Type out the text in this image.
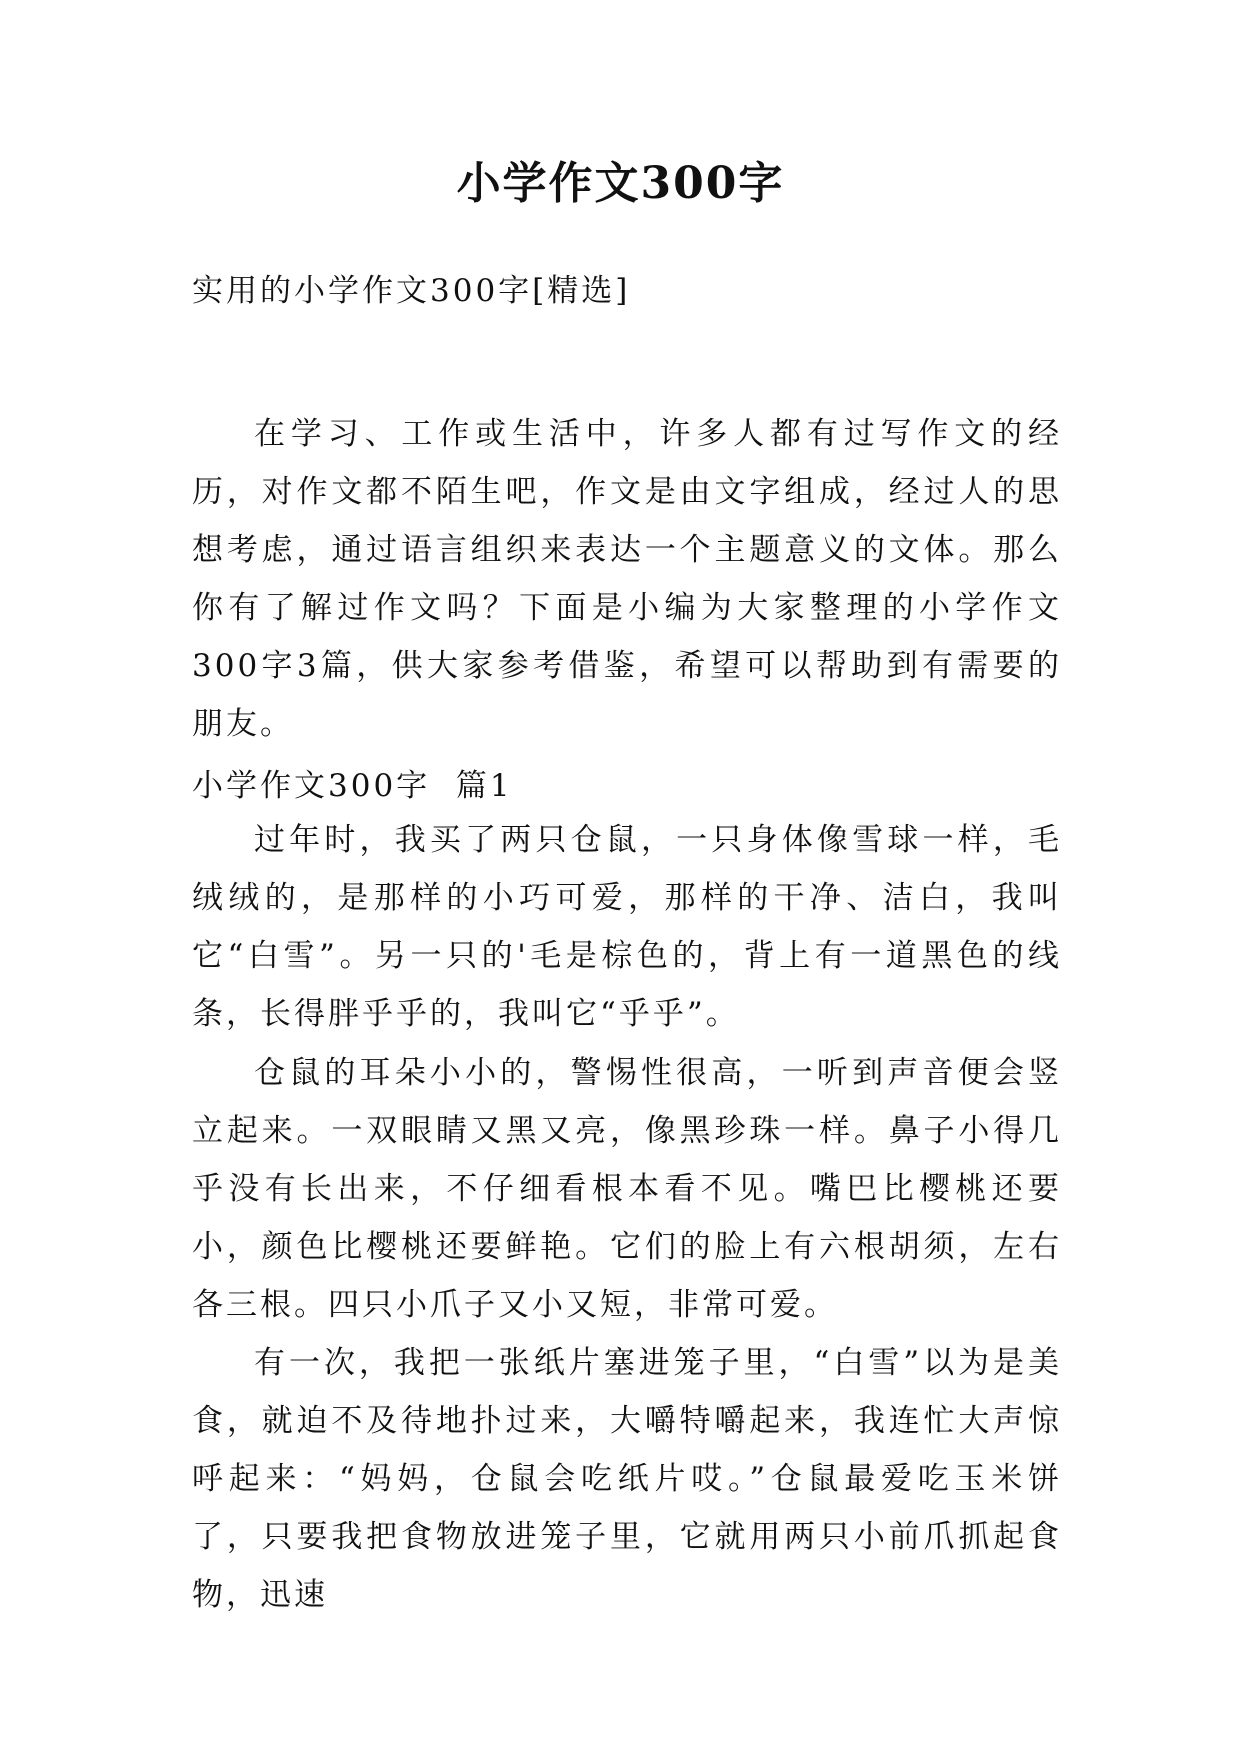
小学作文300字
实用的小学作文300字[精选]

在学习、工作或生活中，许多人都有过写作文的经历，对作文都不陌生吧，作文是由文字组成，经过人的思想考虑，通过语言组织来表达一个主题意义的文体。那么你有了解过作文吗？下面是小编为大家整理的小学作文300字3篇，供大家参考借鉴，希望可以帮助到有需要的朋友。

小学作文300字  篇1

过年时，我买了两只仓鼠，一只身体像雪球一样，毛绒绒的，是那样的小巧可爱，那样的干净、洁白，我叫它“白雪”。另一只的'毛是棕色的，背上有一道黑色的线条，长得胖乎乎的，我叫它“乎乎”。

仓鼠的耳朵小小的，警惕性很高，一听到声音便会竖立起来。一双眼睛又黑又亮，像黑珍珠一样。鼻子小得几乎没有长出来，不仔细看根本看不见。嘴巴比樱桃还要小，颜色比樱桃还要鲜艳。它们的脸上有六根胡须，左右各三根。四只小爪子又小又短，非常可爱。

有一次，我把一张纸片塞进笼子里，“白雪”以为是美食，就迫不及待地扑过来，大嚼特嚼起来，我连忙大声惊呼起来：“妈妈，仓鼠会吃纸片哎。”仓鼠最爱吃玉米饼了，只要我把食物放进笼子里，它就用两只小前爪抓起食物，迅速
